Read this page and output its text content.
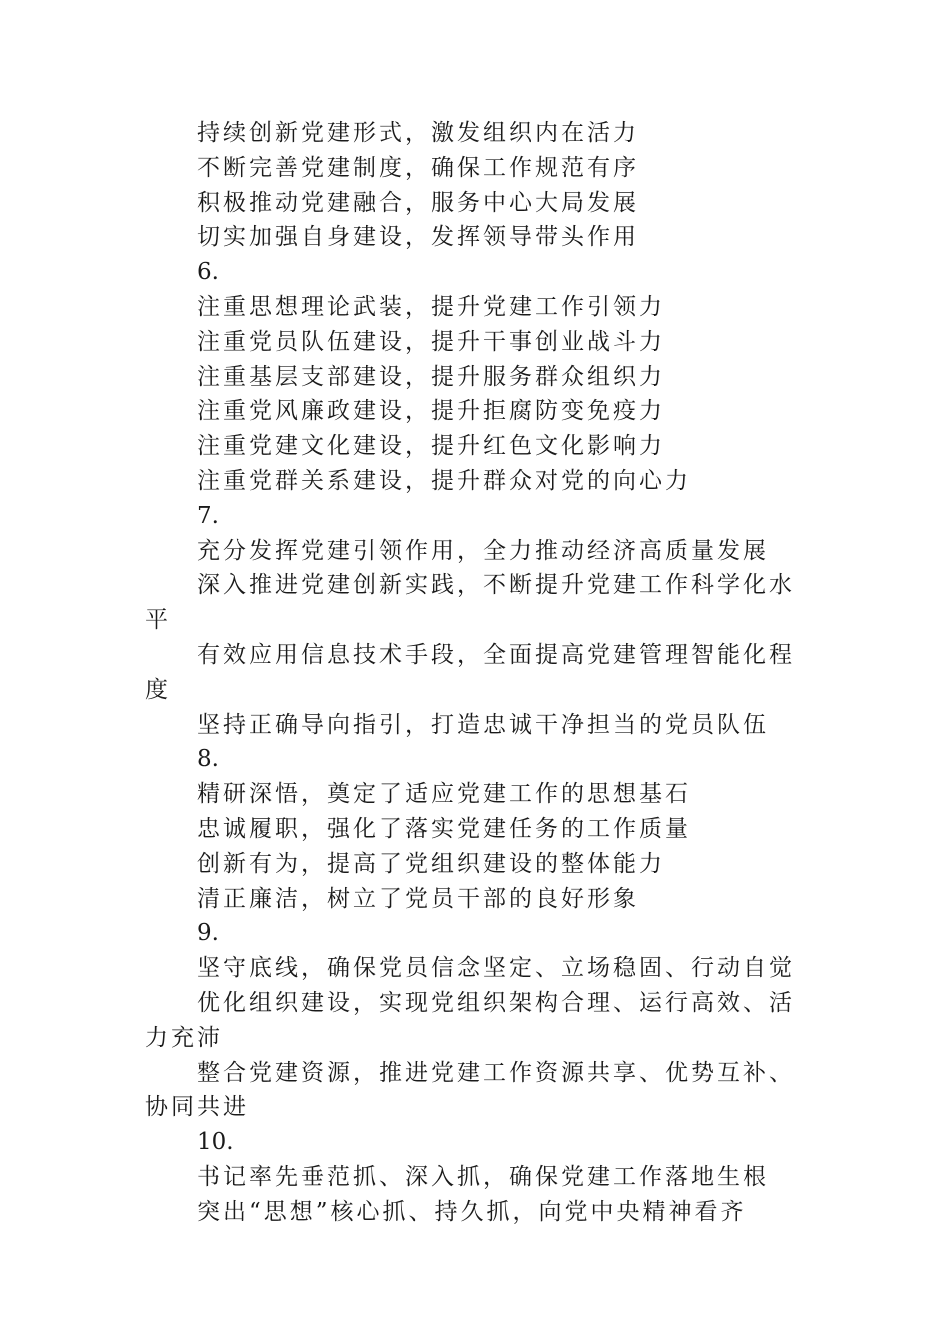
持续创新党建形式，激发组织内在活力

不断完善党建制度，确保工作规范有序

积极推动党建融合，服务中心大局发展

切实加强自身建设，发挥领导带头作用

6.

注重思想理论武装，提升党建工作引领力

注重党员队伍建设，提升干事创业战斗力

注重基层支部建设，提升服务群众组织力

注重党风廉政建设，提升拒腐防变免疫力

注重党建文化建设，提升红色文化影响力

注重党群关系建设，提升群众对党的向心力

7.

充分发挥党建引领作用，全力推动经济高质量发展

深入推进党建创新实践，不断提升党建工作科学化水平

有效应用信息技术手段，全面提高党建管理智能化程度

坚持正确导向指引，打造忠诚干净担当的党员队伍

8.

精研深悟，奠定了适应党建工作的思想基石

忠诚履职，强化了落实党建任务的工作质量

创新有为，提高了党组织建设的整体能力

清正廉洁，树立了党员干部的良好形象

9.

坚守底线，确保党员信念坚定、立场稳固、行动自觉

优化组织建设，实现党组织架构合理、运行高效、活力充沛

整合党建资源，推进党建工作资源共享、优势互补、协同共进

10.

书记率先垂范抓、深入抓，确保党建工作落地生根

突出“思想”核心抓、持久抓，向党中央精神看齐
